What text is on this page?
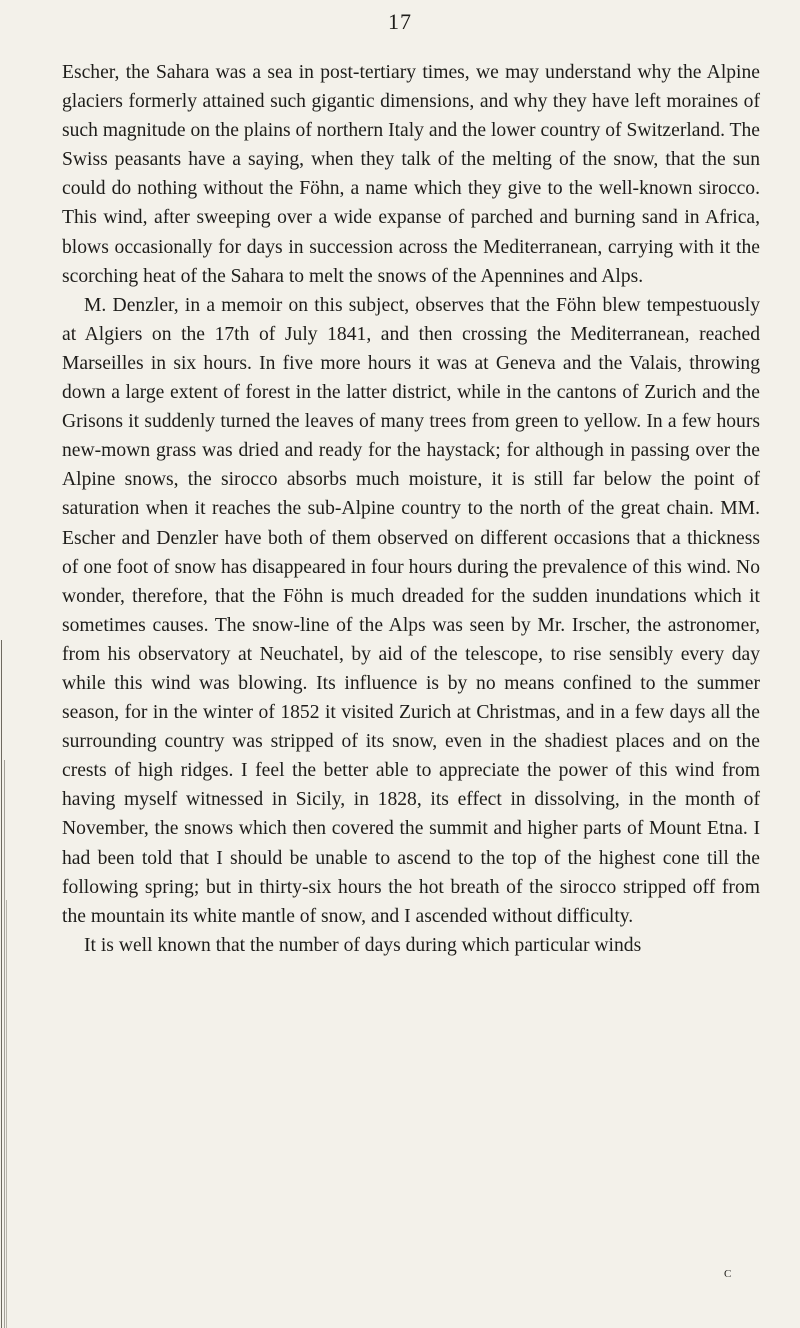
17

Escher, the Sahara was a sea in post-tertiary times, we may understand why the Alpine glaciers formerly attained such gigantic dimensions, and why they have left moraines of such magnitude on the plains of northern Italy and the lower country of Switzerland. The Swiss peasants have a saying, when they talk of the melting of the snow, that the sun could do nothing without the Föhn, a name which they give to the well-known sirocco. This wind, after sweeping over a wide expanse of parched and burning sand in Africa, blows occasionally for days in succession across the Mediterranean, carrying with it the scorching heat of the Sahara to melt the snows of the Apennines and Alps.

M. Denzler, in a memoir on this subject, observes that the Föhn blew tempestuously at Algiers on the 17th of July 1841, and then crossing the Mediterranean, reached Marseilles in six hours. In five more hours it was at Geneva and the Valais, throwing down a large extent of forest in the latter district, while in the cantons of Zurich and the Grisons it suddenly turned the leaves of many trees from green to yellow. In a few hours new-mown grass was dried and ready for the haystack; for although in passing over the Alpine snows, the sirocco absorbs much moisture, it is still far below the point of saturation when it reaches the sub-Alpine country to the north of the great chain. MM. Escher and Denzler have both of them observed on different occasions that a thickness of one foot of snow has disappeared in four hours during the prevalence of this wind. No wonder, therefore, that the Föhn is much dreaded for the sudden inundations which it sometimes causes. The snow-line of the Alps was seen by Mr. Irscher, the astronomer, from his observatory at Neuchatel, by aid of the telescope, to rise sensibly every day while this wind was blowing. Its influence is by no means confined to the summer season, for in the winter of 1852 it visited Zurich at Christmas, and in a few days all the surrounding country was stripped of its snow, even in the shadiest places and on the crests of high ridges. I feel the better able to appreciate the power of this wind from having myself witnessed in Sicily, in 1828, its effect in dissolving, in the month of November, the snows which then covered the summit and higher parts of Mount Etna. I had been told that I should be unable to ascend to the top of the highest cone till the following spring; but in thirty-six hours the hot breath of the sirocco stripped off from the mountain its white mantle of snow, and I ascended without difficulty.

It is well known that the number of days during which particular winds

c
